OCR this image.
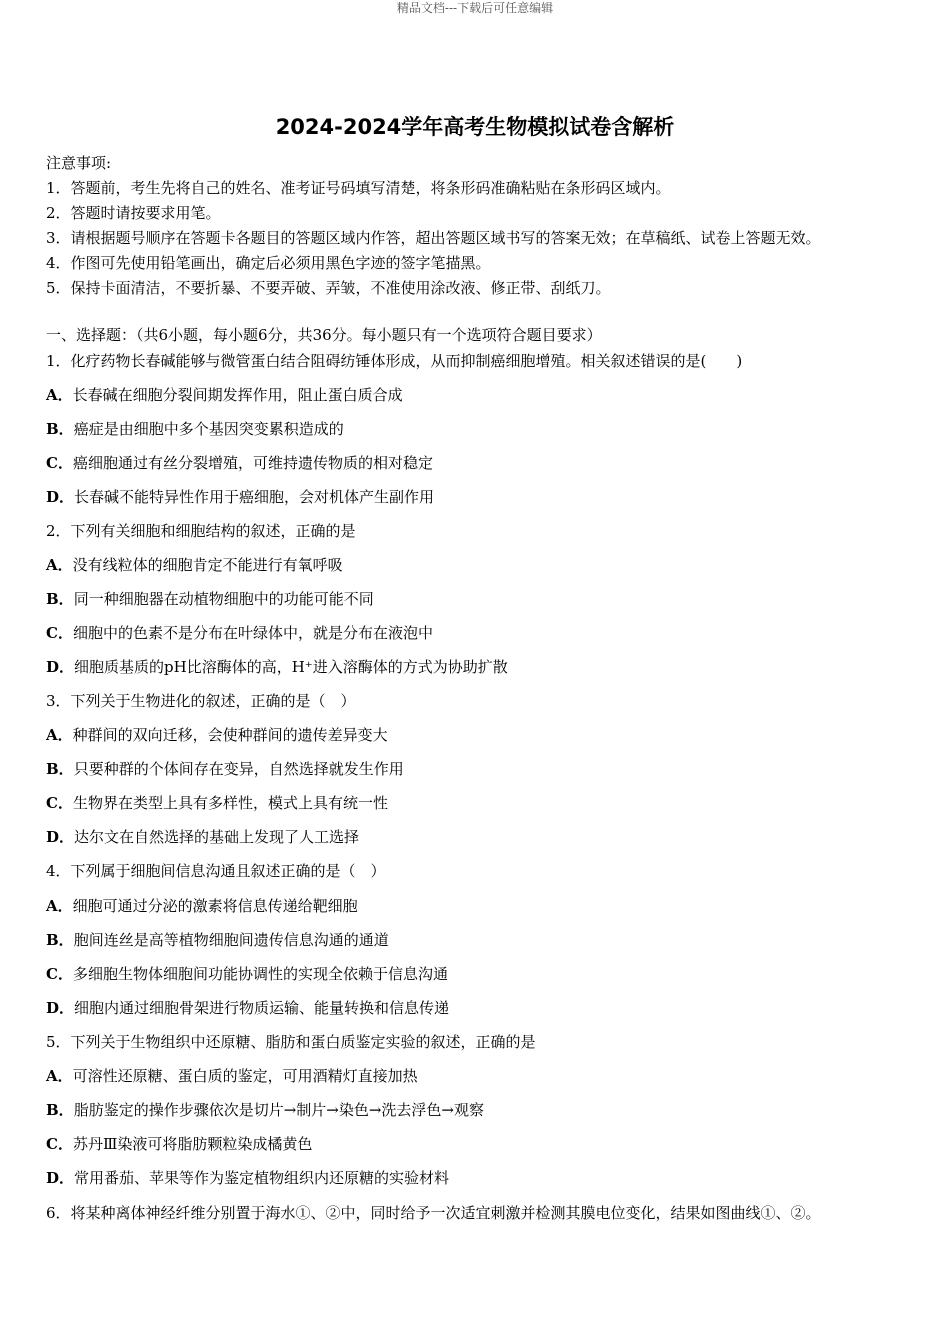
精品文档---下载后可任意编辑
2024-2024学年高考生物模拟试卷含解析
注意事项:
1．答题前，考生先将自己的姓名、准考证号码填写清楚，将条形码准确粘贴在条形码区域内。
2．答题时请按要求用笔。
3．请根据题号顺序在答题卡各题目的答题区域内作答，超出答题区域书写的答案无效；在草稿纸、试卷上答题无效。
4．作图可先使用铅笔画出，确定后必须用黑色字迹的签字笔描黑。
5．保持卡面清洁，不要折暴、不要弄破、弄皱，不准使用涂改液、修正带、刮纸刀。
一、选择题：（共6小题，每小题6分，共36分。每小题只有一个选项符合题目要求）
1．化疗药物长春碱能够与微管蛋白结合阻碍纺锤体形成，从而抑制癌细胞增殖。相关叙述错误的是(　　)
A．长春碱在细胞分裂间期发挥作用，阻止蛋白质合成
B．癌症是由细胞中多个基因突变累积造成的
C．癌细胞通过有丝分裂增殖，可维持遗传物质的相对稳定
D．长春碱不能特异性作用于癌细胞，会对机体产生副作用
2．下列有关细胞和细胞结构的叙述，正确的是
A．没有线粒体的细胞肯定不能进行有氧呼吸
B．同一种细胞器在动植物细胞中的功能可能不同
C．细胞中的色素不是分布在叶绿体中，就是分布在液泡中
D．细胞质基质的pH比溶酶体的高，H⁺进入溶酶体的方式为协助扩散
3．下列关于生物进化的叙述，正确的是（　）
A．种群间的双向迁移，会使种群间的遗传差异变大
B．只要种群的个体间存在变异，自然选择就发生作用
C．生物界在类型上具有多样性，模式上具有统一性
D．达尔文在自然选择的基础上发现了人工选择
4．下列属于细胞间信息沟通且叙述正确的是（　）
A．细胞可通过分泌的激素将信息传递给靶细胞
B．胞间连丝是高等植物细胞间遗传信息沟通的通道
C．多细胞生物体细胞间功能协调性的实现全依赖于信息沟通
D．细胞内通过细胞骨架进行物质运输、能量转换和信息传递
5．下列关于生物组织中还原糖、脂肪和蛋白质鉴定实验的叙述，正确的是
A．可溶性还原糖、蛋白质的鉴定，可用酒精灯直接加热
B．脂肪鉴定的操作步骤依次是切片→制片→染色→洗去浮色→观察
C．苏丹Ⅲ染液可将脂肪颗粒染成橘黄色
D．常用番茄、苹果等作为鉴定植物组织内还原糖的实验材料
6．将某种离体神经纤维分别置于海水①、②中，同时给予一次适宜刺激并检测其膜电位变化，结果如图曲线①、②。
